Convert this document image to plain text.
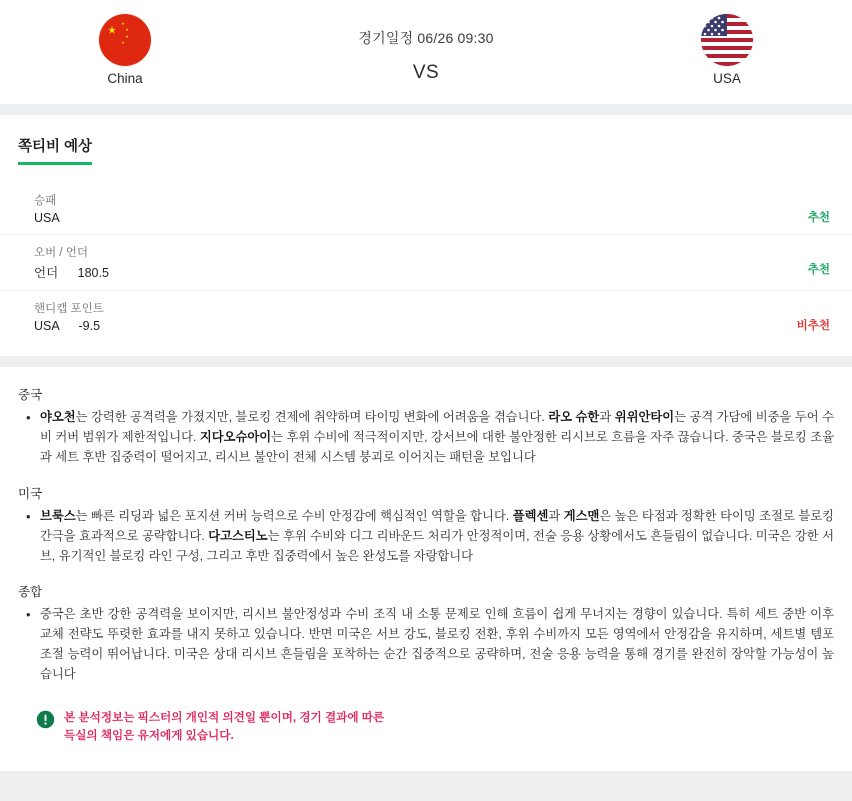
China
경기일정 06/26 09:30
VS	USA
쪽티비 예상
승패
USA	추천
오버 / 언더
언더 180.5	추천
핸디캡 포인트
USA -9.5	비추천
중국
• 야오천는 강력한 공격력을 가졌지만, 블로킹 견제에 취약하며 타이밍 변화에 어려움을 겪습니다. 라오 슈한과 위위안타이는 공격 가담에 비중을 두어 수비 커버 범위가 제한적입니다. 지다오슈아이는 후위 수비에 적극적이지만, 강서브에 대한 불안정한 리시브로 흐름을 자주 끊습니다. 중국은 블로킹 조율과 세트 후반 집중력이 떨어지고, 리시브 불안이 전체 시스템 붕괴로 이어지는 패턴을 보입니다
미국
• 브룩스는 빠른 리딩과 넓은 포지션 커버 능력으로 수비 안정감에 핵심적인 역할을 합니다. 플렉센과 게스맨은 높은 타점과 정확한 타이밍 조절로 블로킹 간극을 효과적으로 공략합니다. 다고스티노는 후위 수비와 디그 리바운드 처리가 안정적이며, 전술 응용 상황에서도 흔들림이 없습니다. 미국은 강한 서브, 유기적인 블로킹 라인 구성, 그리고 후반 집중력에서 높은 완성도를 자랑합니다
종합
• 중국은 초반 강한 공격력을 보이지만, 리시브 불안정성과 수비 조직 내 소통 문제로 인해 흐름이 쉽게 무너지는 경향이 있습니다. 특히 세트 중반 이후 교체 전략도 뚜렷한 효과를 내지 못하고 있습니다. 반면 미국은 서브 강도, 블로킹 전환, 후위 수비까지 모든 영역에서 안정감을 유지하며, 세트별 템포 조절 능력이 뛰어납니다. 미국은 상대 리시브 흔들림을 포착하는 순간 집중적으로 공략하며, 전술 응용 능력을 통해 경기를 완전히 장악할 가능성이 높습니다
본 분석정보는 픽스터의 개인적 의견일 뿐이며, 경기 결과에 따른
득실의 책임은 유저에게 있습니다.
